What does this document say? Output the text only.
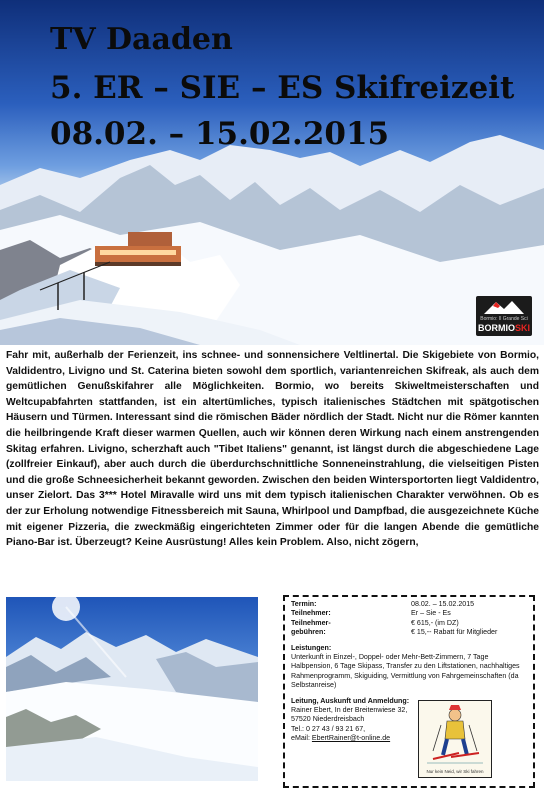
TV Daaden
5. ER – SIE – ES Skifreizeit
08.02. – 15.02.2015
Bormio: Il Grande Sci
BORMIOSKI

Fahr mit, außerhalb der Ferienzeit, ins schnee- und sonnensichere Veltlinertal. Die Skigebiete von Bormio, Valdidentro, Livigno und St. Caterina bieten sowohl dem sportlich, variantenreichen Skifreak, als auch dem gemütlichen Genußskifahrer alle Möglichkeiten. Bormio, wo bereits Skiweltmeisterschaften und Weltcupabfahrten stattfanden, ist ein altertümliches, typisch italienisches Städtchen mit spätgotischen Häusern und Türmen. Interessant sind die römischen Bäder nördlich der Stadt. Nicht nur die Römer kannten die heilbringende Kraft dieser warmen Quellen, auch wir können deren Wirkung nach einem anstrengenden Skitag erfahren. Livigno, scherzhaft auch "Tibet Italiens" genannt, ist längst durch die abgeschiedene Lage (zollfreier Einkauf), aber auch durch die überdurchschnittliche Sonneneinstrahlung, die vielseitigen Pisten und die große Schneesicherheit bekannt geworden. Zwischen den beiden Wintersportorten liegt Valdidentro, unser Zielort. Das 3*** Hotel Miravalle wird uns mit dem typisch italienischen Charakter verwöhnen. Ob es der zur Erholung notwendige Fitnessbereich mit Sauna, Whirlpool und Dampfbad, die ausgezeichnete Küche mit eigener Pizzeria, die zweckmäßig eingerichteten Zimmer oder für die langen Abende die gemütliche Piano-Bar ist. Überzeugt? Keine Ausrüstung! Alles kein Problem. Also, nicht zögern,

Termin:	08.02. – 15.02.2015
Teilnehmer:	Er – Sie - Es
Teilnehmer-	€ 615,- (im DZ)
gebühren:	€ 15,-- Rabatt für Mitglieder
Leistungen:

Unterkunft in Einzel-, Doppel- oder Mehr-Bett-Zimmern, 7 Tage Halbpension, 6 Tage Skipass, Transfer zu den Liftstationen, nachhaltiges Rahmenprogramm, Skiguiding, Vermittlung von Fahrgemeinschaften (da Selbstanreise)

Leitung, Auskunft und Anmeldung:
Rainer Ebert, In der Breitenwiese 32,
57520 Niederdreisbach
Tel.: 0 27 43 / 93 21 67,
eMail: EbertRainer@t-online.de
Nur kein Neid, wir Ski fahren
